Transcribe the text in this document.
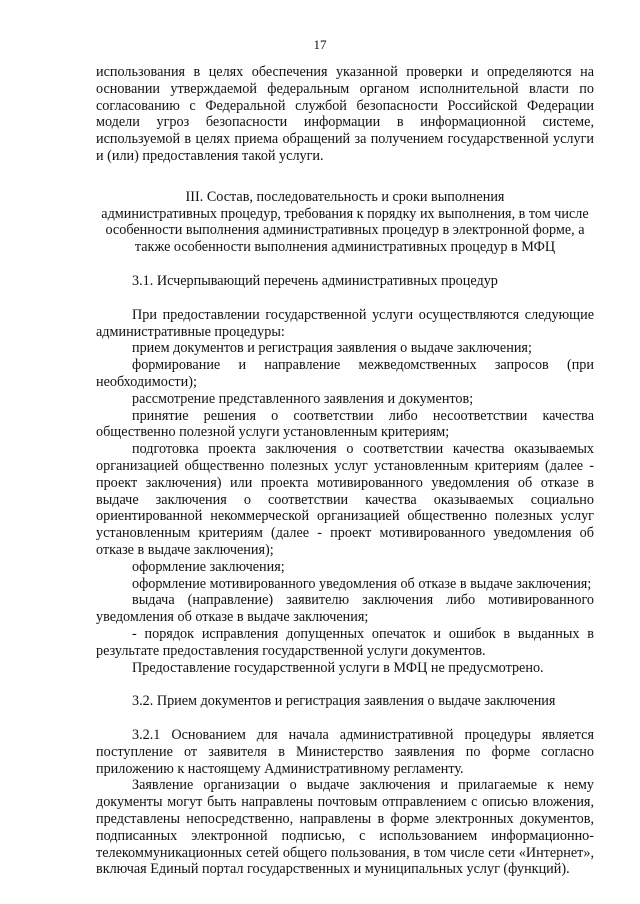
17

использования в целях обеспечения указанной проверки и определяются на основании утверждаемой федеральным органом исполнительной власти по согласованию с Федеральной службой безопасности Российской Федерации модели угроз безопасности информации в информационной системе, используемой в целях приема обращений за получением государственной услуги и (или) предоставления такой услуги.

III. Состав, последовательность и сроки выполнения
административных процедур, требования к порядку их выполнения, в том числе
особенности выполнения административных процедур в электронной форме, а
также особенности выполнения административных процедур в МФЦ

3.1. Исчерпывающий перечень административных процедур

При предоставлении государственной услуги осуществляются следующие административные процедуры:

прием документов и регистрация заявления о выдаче заключения;

формирование и направление межведомственных запросов (при необходимости);

рассмотрение представленного заявления и документов;

принятие решения о соответствии либо несоответствии качества общественно полезной услуги установленным критериям;

подготовка проекта заключения о соответствии качества оказываемых организацией общественно полезных услуг установленным критериям (далее - проект заключения) или проекта мотивированного уведомления об отказе в выдаче заключения о соответствии качества оказываемых социально ориентированной некоммерческой организацией общественно полезных услуг установленным критериям (далее - проект мотивированного уведомления об отказе в выдаче заключения);

оформление заключения;

оформление мотивированного уведомления об отказе в выдаче заключения;

выдача (направление) заявителю заключения либо мотивированного уведомления об отказе в выдаче заключения;

- порядок исправления допущенных опечаток и ошибок в выданных в результате предоставления государственной услуги документов.

Предоставление государственной услуги в МФЦ не предусмотрено.

3.2. Прием документов и регистрация заявления о выдаче заключения

3.2.1 Основанием для начала административной процедуры является поступление от заявителя в Министерство заявления по форме согласно приложению к настоящему Административному регламенту.

Заявление организации о выдаче заключения и прилагаемые к нему документы могут быть направлены почтовым отправлением с описью вложения, представлены непосредственно, направлены в форме электронных документов, подписанных электронной подписью, с использованием информационно-телекоммуникационных сетей общего пользования, в том числе сети «Интернет», включая Единый портал государственных и муниципальных услуг (функций).
